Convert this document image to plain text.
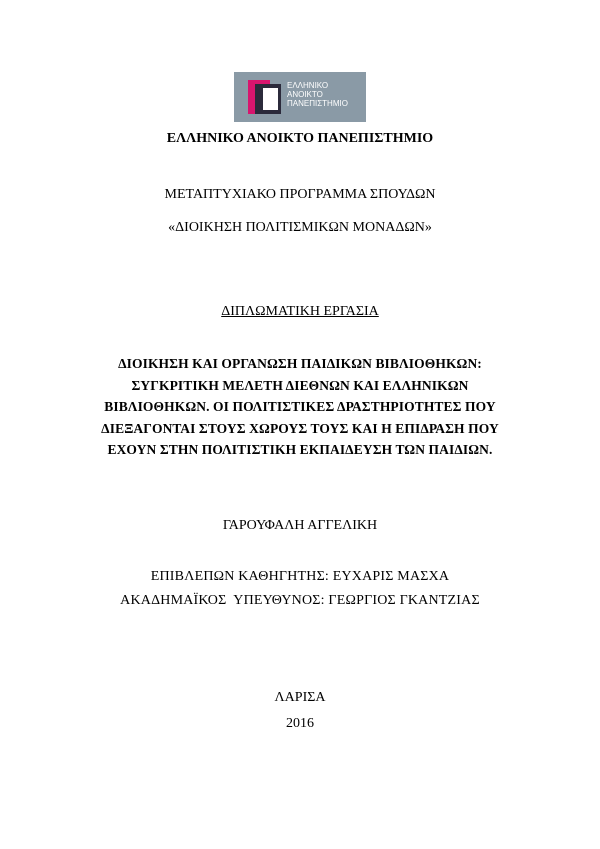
ΕΛΛΗΝΙΚΟ
ΑΝΟΙΚΤΟ
ΠΑΝΕΠΙΣΤΗΜΙΟ
ΕΛΛΗΝΙΚΟ ΑΝΟΙΚΤΟ ΠΑΝΕΠΙΣΤΗΜΙΟ
ΜΕΤΑΠΤΥΧΙΑΚΟ ΠΡΟΓΡΑΜΜΑ ΣΠΟΥΔΩΝ
«ΔΙΟΙΚΗΣΗ ΠΟΛΙΤΙΣΜΙΚΩΝ ΜΟΝΑΔΩΝ»
ΔΙΠΛΩΜΑΤΙΚΗ ΕΡΓΑΣΙΑ
ΔΙΟΙΚΗΣΗ ΚΑΙ ΟΡΓΑΝΩΣΗ ΠΑΙΔΙΚΩΝ ΒΙΒΛΙΟΘΗΚΩΝ:
ΣΥΓΚΡΙΤΙΚΗ ΜΕΛΕΤΗ ΔΙΕΘΝΩΝ ΚΑΙ ΕΛΛΗΝΙΚΩΝ
ΒΙΒΛΙΟΘΗΚΩΝ. ΟΙ ΠΟΛΙΤΙΣΤΙΚΕΣ ΔΡΑΣΤΗΡΙΟΤΗΤΕΣ ΠΟΥ
ΔΙΕΞΑΓΟΝΤΑΙ ΣΤΟΥΣ ΧΩΡΟΥΣ ΤΟΥΣ ΚΑΙ Η ΕΠΙΔΡΑΣΗ ΠΟΥ
ΕΧΟΥΝ ΣΤΗΝ ΠΟΛΙΤΙΣΤΙΚΗ ΕΚΠΑΙΔΕΥΣΗ ΤΩΝ ΠΑΙΔΙΩΝ.
ΓΑΡΟΥΦΑΛΗ ΑΓΓΕΛΙΚΗ
ΕΠΙΒΛΕΠΩΝ ΚΑΘΗΓΗΤΗΣ: ΕΥΧΑΡΙΣ ΜΑΣΧΑ
ΑΚΑΔΗΜΑΪΚΟΣ  ΥΠΕΥΘΥΝΟΣ: ΓΕΩΡΓΙΟΣ ΓΚΑΝΤΖΙΑΣ
ΛΑΡΙΣΑ
2016
